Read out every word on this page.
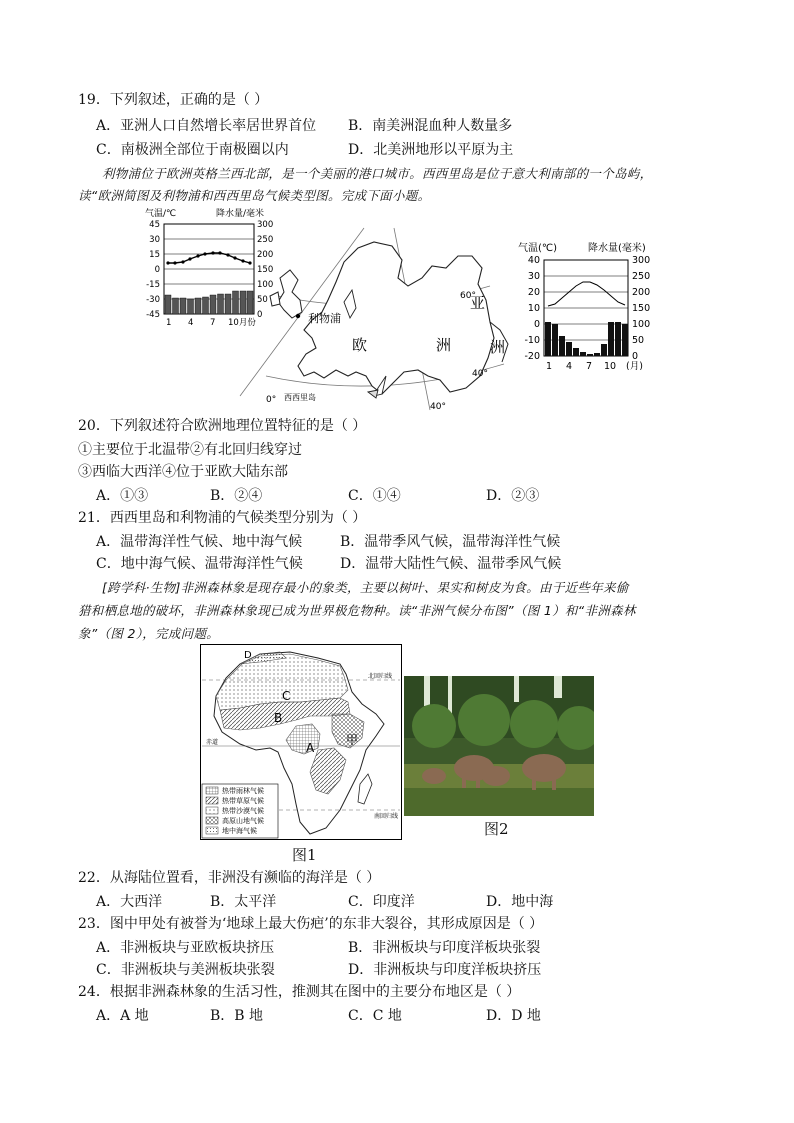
19．下列叙述，正确的是（ ）
A．亚洲人口自然增长率居世界首位 B．南美洲混血种人数量多
C．南极洲全部位于南极圈以内	D．北美洲地形以平原为主
利物浦位于欧洲英格兰西北部，是一个美丽的港口城市。西西里岛是位于意大利南部的一个岛屿，
读“欧洲简图及利物浦和西西里岛气候类型图。完成下面小题。
气温/℃	降水量/毫米
45
30
15
0
-15
-30
-45
300
250
200
150
100
50
0
1 4 7 10月份	利物浦
欧	洲
亚
洲
60°
40°
0°
40°
西西里岛
气温(℃)	降水量(毫米)
40
30
20
10
0
-10
-20
300
250
200
150
100
50
0
1 4 7 10 (月)
20．下列叙述符合欧洲地理位置特征的是（ ）
①主要位于北温带②有北回归线穿过
③西临大西洋④位于亚欧大陆东部
A．①③	B．②④	C．①④	D．②③
21．西西里岛和利物浦的气候类型分别为（ ）
A．温带海洋性气候、地中海气候	B．温带季风气候，温带海洋性气候
C．地中海气候、温带海洋性气候	D．温带大陆性气候、温带季风气候
[跨学科·生物]非洲森林象是现存最小的象类，主要以树叶、果实和树皮为食。由于近些年来偷
猎和栖息地的破坏，非洲森林象现已成为世界极危物种。读“非洲气候分布图”（图 1）和“非洲森林
象”（图 2），完成问题。
北回归线
赤道
南回归线
D
C
B
A
甲
热带雨林气候
热带草原气候
热带沙漠气候
高原山地气候
地中海气候
图1
图2
22．从海陆位置看，非洲没有濒临的海洋是（ ）
A．大西洋	B．太平洋	C．印度洋	D．地中海
23．图中甲处有被誉为‘地球上最大伤疤’的东非大裂谷，其形成原因是（ ）
A．非洲板块与亚欧板块挤压	B．非洲板块与印度洋板块张裂
C．非洲板块与美洲板块张裂	D．非洲板块与印度洋板块挤压
24．根据非洲森林象的生活习性，推测其在图中的主要分布地区是（ ）
A．A 地	B．B 地	C．C 地	D．D 地
